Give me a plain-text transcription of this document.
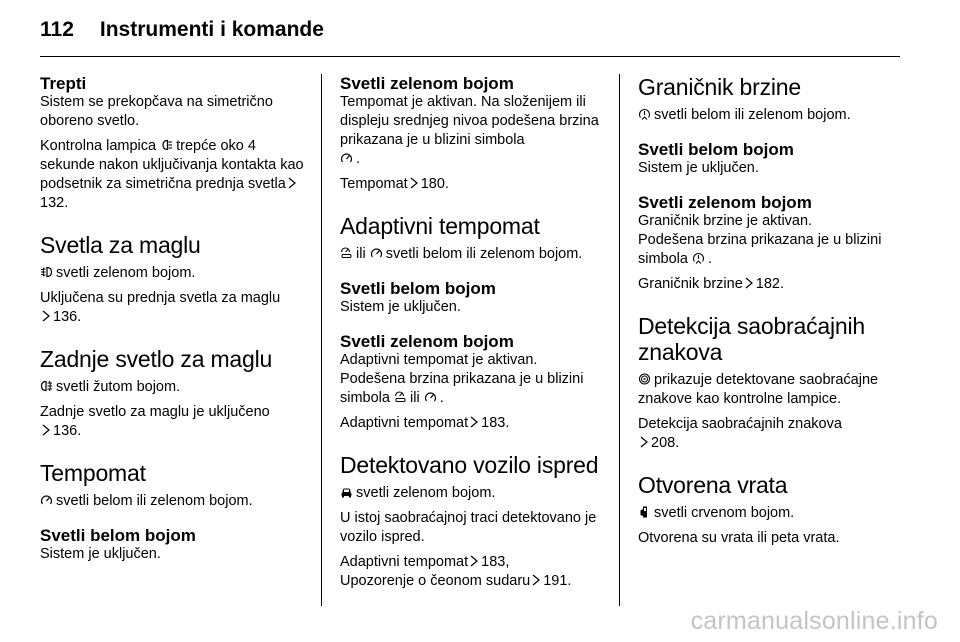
112 Instrumenti i komande
Trepti
Sistem se prekopčava na simetrično oboreno svetlo.
Kontrolna lampica trepće oko 4 sekunde nakon uključivanja kontakta kao podsetnik za simetrična prednja svetla
132.
Svetla za maglu
svetli zelenom bojom.
Uključena su prednja svetla za maglu

136.
Zadnje svetlo za maglu
svetli žutom bojom.
Zadnje svetlo za maglu je uključeno

136.
Tempomat
svetli belom ili zelenom bojom.
Svetli belom bojom
Sistem je uključen.
Svetli zelenom bojom
Tempomat je aktivan. Na složenijem ili displeju srednjeg nivoa podešena brzina prikazana je u blizini simbola

.
Tempomat 180.
Adaptivni tempomat
ili svetli belom ili zelenom bojom.
Svetli belom bojom
Sistem je uključen.
Svetli zelenom bojom
Adaptivni tempomat je aktivan.
Podešena brzina prikazana je u blizini simbola ili .
Adaptivni tempomat 183.
Detektovano vozilo ispred
svetli zelenom bojom.
U istoj saobraćajnoj traci detektovano je vozilo ispred.
Adaptivni tempomat 183,
Upozorenje o čeonom sudaru 191.
Graničnik brzine
svetli belom ili zelenom bojom.
Svetli belom bojom
Sistem je uključen.
Svetli zelenom bojom
Graničnik brzine je aktivan.
Podešena brzina prikazana je u blizini simbola .
Graničnik brzine 182.
Detekcija saobraćajnih znakova
prikazuje detektovane saobraćajne znakove kao kontrolne lampice.
Detekcija saobraćajnih znakova

208.
Otvorena vrata
svetli crvenom bojom.
Otvorena su vrata ili peta vrata.
carmanualsonline.info
